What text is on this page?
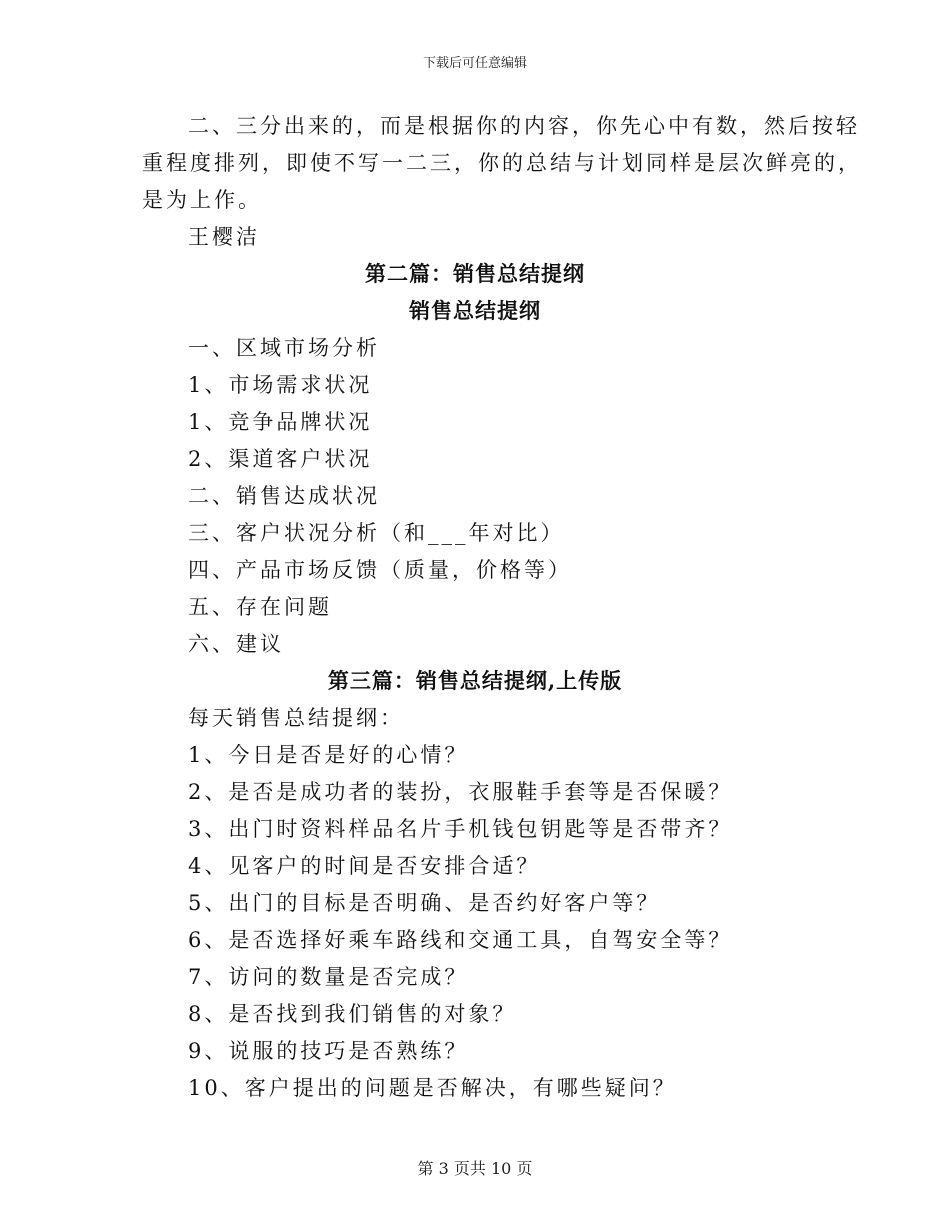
下载后可任意编辑
二、三分出来的，而是根据你的内容，你先心中有数，然后按轻
重程度排列，即使不写一二三，你的总结与计划同样是层次鲜亮的，
是为上作。
王樱洁
第二篇：销售总结提纲
销售总结提纲
一、区域市场分析
1、市场需求状况
1、竞争品牌状况
2、渠道客户状况
二、销售达成状况
三、客户状况分析（和___年对比）
四、产品市场反馈（质量，价格等）
五、存在问题
六、建议
第三篇：销售总结提纲,上传版
每天销售总结提纲：
1、今日是否是好的心情？
2、是否是成功者的装扮，衣服鞋手套等是否保暖？
3、出门时资料样品名片手机钱包钥匙等是否带齐？
4、见客户的时间是否安排合适？
5、出门的目标是否明确、是否约好客户等？
6、是否选择好乘车路线和交通工具，自驾安全等？
7、访问的数量是否完成？
8、是否找到我们销售的对象？
9、说服的技巧是否熟练？
10、客户提出的问题是否解决，有哪些疑问？
第 3 页共 10 页
